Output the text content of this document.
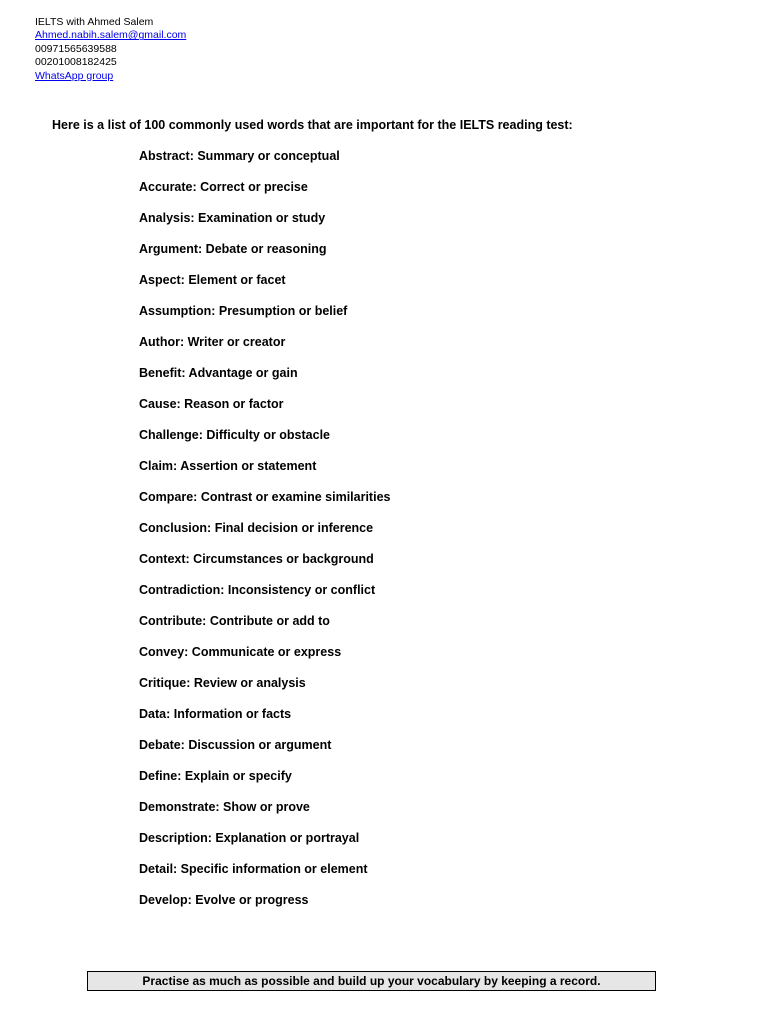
IELTS with Ahmed Salem
Ahmed.nabih.salem@gmail.com
00971565639588
00201008182425
WhatsApp group
Here is a list of 100 commonly used words that are important for the IELTS reading test:
Abstract: Summary or conceptual
Accurate: Correct or precise
Analysis: Examination or study
Argument: Debate or reasoning
Aspect: Element or facet
Assumption: Presumption or belief
Author: Writer or creator
Benefit: Advantage or gain
Cause: Reason or factor
Challenge: Difficulty or obstacle
Claim: Assertion or statement
Compare: Contrast or examine similarities
Conclusion: Final decision or inference
Context: Circumstances or background
Contradiction: Inconsistency or conflict
Contribute: Contribute or add to
Convey: Communicate or express
Critique: Review or analysis
Data: Information or facts
Debate: Discussion or argument
Define: Explain or specify
Demonstrate: Show or prove
Description: Explanation or portrayal
Detail: Specific information or element
Develop: Evolve or progress
Practise as much as possible and build up your vocabulary by keeping a record.
